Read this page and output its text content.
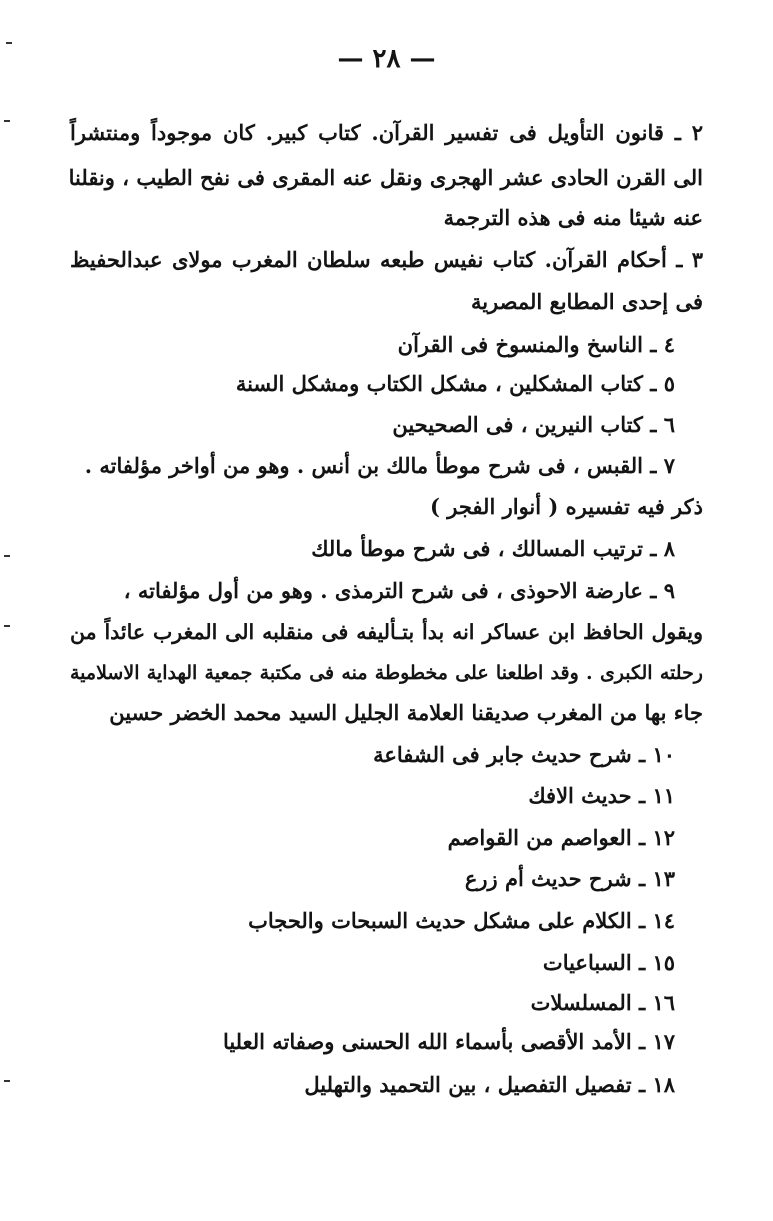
— ٢٨ —
٢ ـ قانون التأويل فى تفسير القرآن. كتاب كبير. كان موجوداً ومنتشراً
الى القرن الحادى عشر الهجرى ونقل عنه المقرى فى نفح الطيب ، ونقلنا
عنه شيئا منه فى هذه الترجمة
٣ ـ أحكام القرآن. كتاب نفيس طبعه سلطان المغرب مولاى عبدالحفيظ
فى إحدى المطابع المصرية
٤ ـ الناسخ والمنسوخ فى القرآن
٥ ـ كتاب المشكلين ، مشكل الكتاب ومشكل السنة
٦ ـ كتاب النيرين ، فى الصحيحين
٧ ـ القبس ، فى شرح موطأ مالك بن أنس . وهو من أواخر مؤلفاته .
ذكر فيه تفسيره ( أنوار الفجر )
٨ ـ ترتيب المسالك ، فى شرح موطأ مالك
٩ ـ عارضة الاحوذى ، فى شرح الترمذى . وهو من أول مؤلفاته ،
ويقول الحافظ ابن عساكر انه بدأ بتـأليفه فى منقلبه الى المغرب عائداً من
رحلته الكبرى . وقد اطلعنا على مخطوطة منه فى مكتبة جمعية الهداية الاسلامية
جاء بها من المغرب صديقنا العلامة الجليل السيد محمد الخضر حسين
١٠ ـ شرح حديث جابر فى الشفاعة
١١ ـ حديث الافك
١٢ ـ العواصم من القواصم
١٣ ـ شرح حديث أم زرع
١٤ ـ الكلام على مشكل حديث السبحات والحجاب
١٥ ـ السباعيات
١٦ ـ المسلسلات
١٧ ـ الأمد الأقصى بأسماء الله الحسنى وصفاته العليا
١٨ ـ تفصيل التفصيل ، بين التحميد والتهليل
